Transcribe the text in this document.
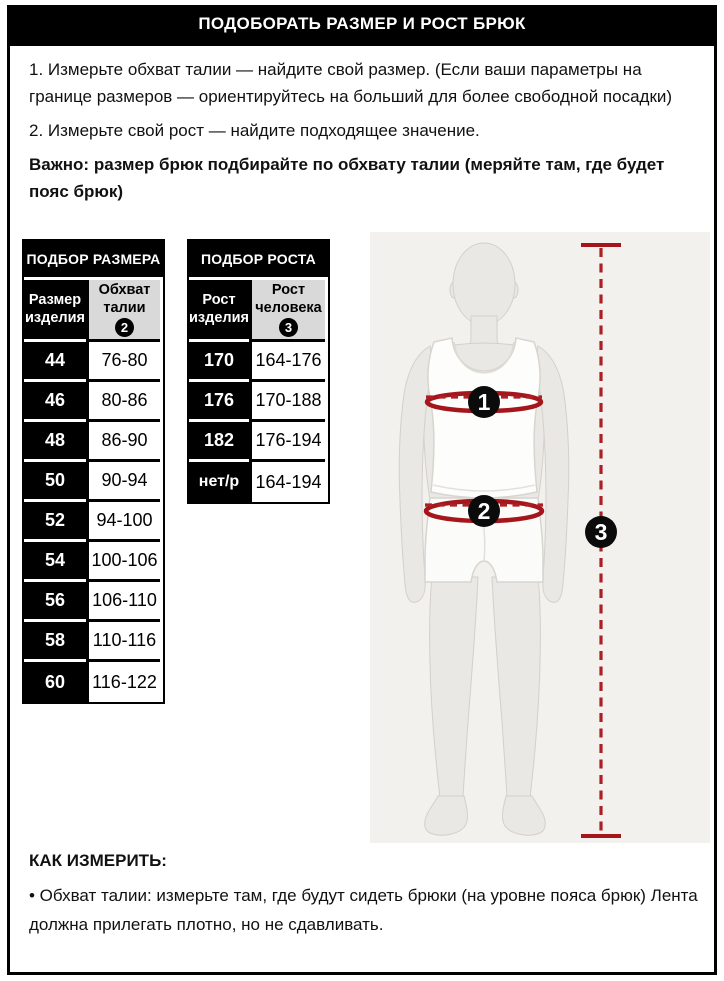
ПОДОБОРАТЬ РАЗМЕР И РОСТ БРЮК

1. Измерьте обхват талии — найдите свой размер. (Если ваши параметры на границе размеров — ориентируйтесь на больший для более свободной посадки)

2. Измерьте свой рост — найдите подходящее значение.

Важно: размер брюк подбирайте по обхвату талии (меряйте там, где будет пояс брюк)

ПОДБОР РАЗМЕРА
Размер изделия
Обхват талии
2
44	76-80
46	80-86
48	86-90
50	90-94
52	94-100
54	100-106
56	106-110
58	110-116
60	116-122
ПОДБОР РОСТА
Рост изделия
Рост человека
3
170	164-176
176	170-188
182	176-194
нет/р 164-194
1
2
3

КАК ИЗМЕРИТЬ:

• Обхват талии: измерьте там, где будут сидеть брюки (на уровне пояса брюк) Лента должна прилегать плотно, но не сдавливать.
